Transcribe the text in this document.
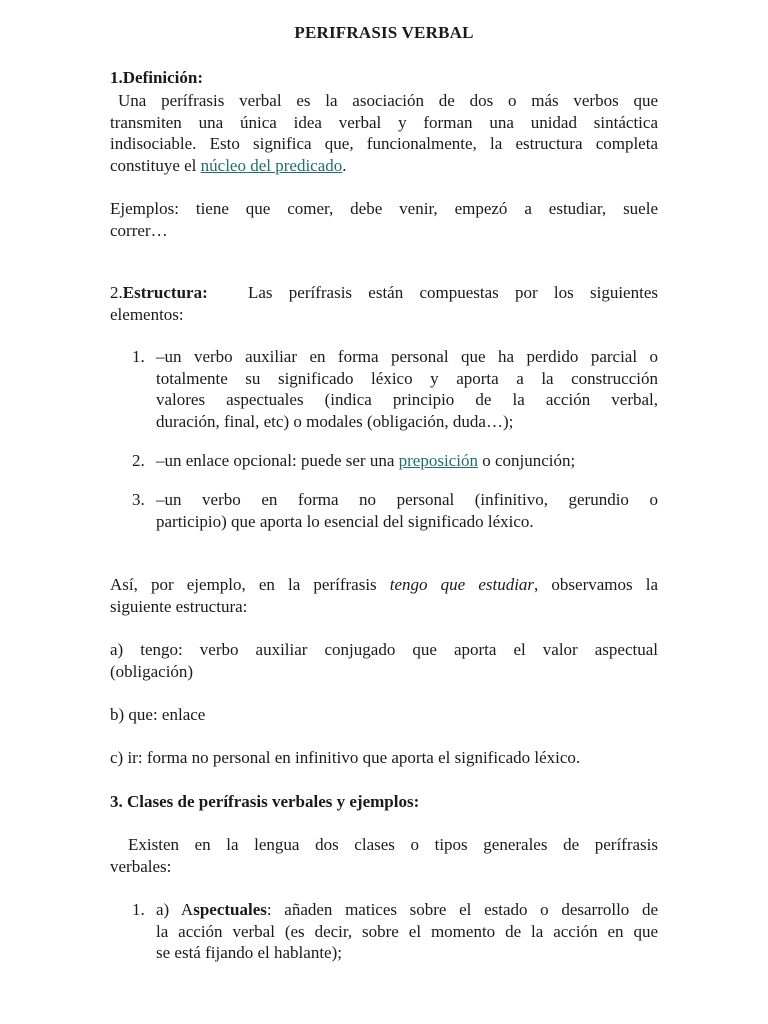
PERIFRASIS VERBAL
1.Definición:
Una perífrasis verbal es la asociación de dos o más verbos que
transmiten una única idea verbal y forman una unidad sintáctica
indisociable. Esto significa que, funcionalmente, la estructura completa
constituye el núcleo del predicado.
Ejemplos: tiene que comer, debe venir, empezó a estudiar, suele
correr…
2.Estructura: Las perífrasis están compuestas por los siguientes
elementos:
1. –un verbo auxiliar en forma personal que ha perdido parcial o
totalmente su significado léxico y aporta a la construcción
valores aspectuales (indica principio de la acción verbal,
duración, final, etc) o modales (obligación, duda…);
2. –un enlace opcional: puede ser una preposición o conjunción;
3. –un verbo en forma no personal (infinitivo, gerundio o
participio) que aporta lo esencial del significado léxico.
Así, por ejemplo, en la perífrasis tengo que estudiar, observamos la
siguiente estructura:
a) tengo: verbo auxiliar conjugado que aporta el valor aspectual
(obligación)
b) que: enlace
c) ir: forma no personal en infinitivo que aporta el significado léxico.
3. Clases de perífrasis verbales y ejemplos:
Existen en la lengua dos clases o tipos generales de perífrasis
verbales:
1. a) Aspectuales: añaden matices sobre el estado o desarrollo de
la acción verbal (es decir, sobre el momento de la acción en que
se está fijando el hablante);
